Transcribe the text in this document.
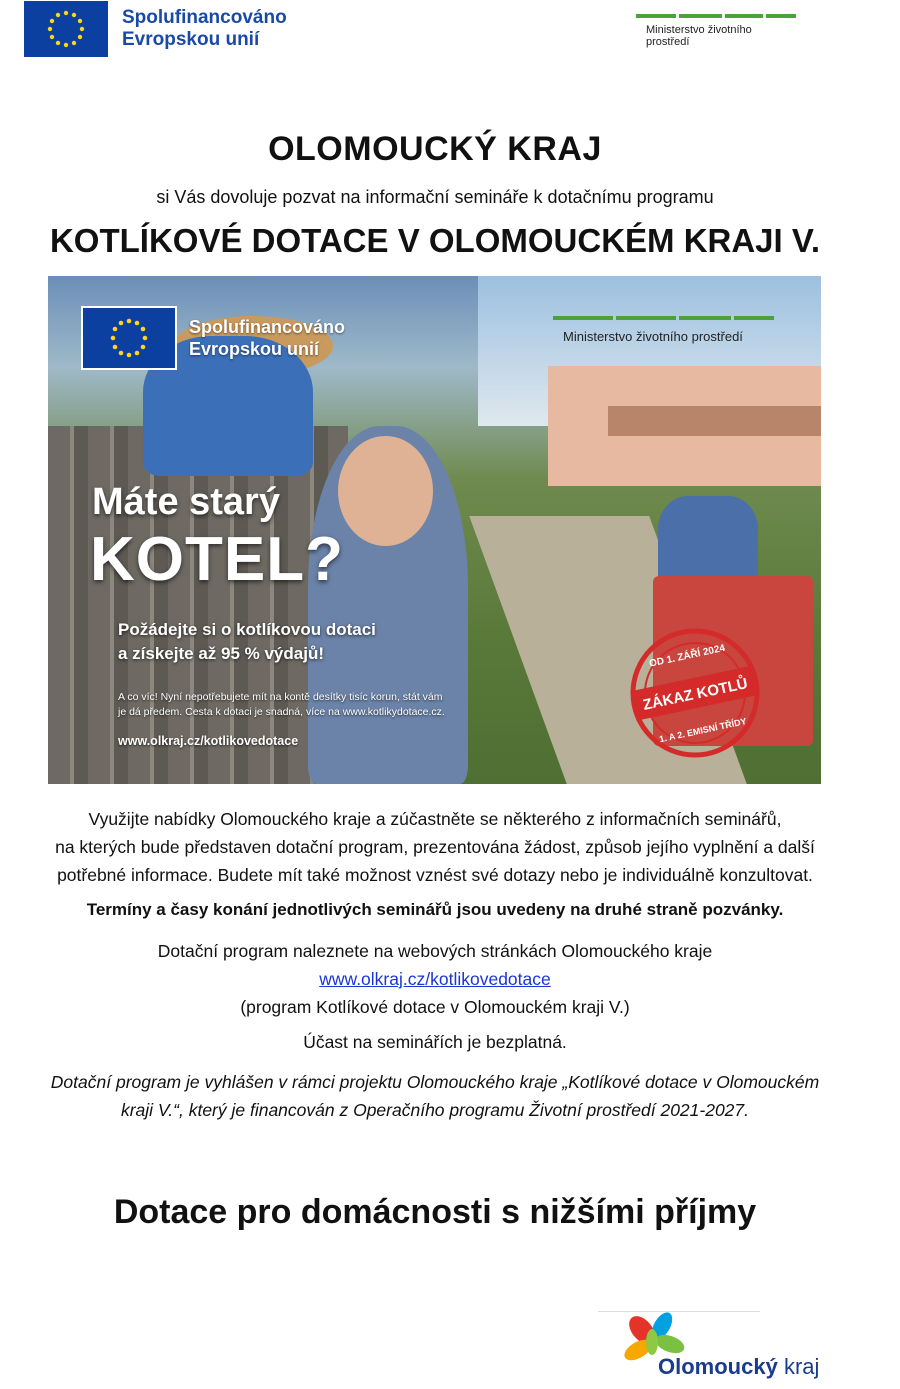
Spolufinancováno
Evropskou unií	Ministerstvo životního prostředí
OLOMOUCKÝ KRAJ
si Vás dovoluje pozvat na informační semináře k dotačnímu programu
KOTLÍKOVÉ DOTACE V OLOMOUCKÉM KRAJI V.
Spolufinancováno
Evropskou unií
Ministerstvo životního prostředí
Máte starý
KOTEL?
Požádejte si o kotlíkovou dotaci
a získejte až 95 % výdajů!
A co víc! Nyní nepotřebujete mít na kontě desítky tisíc korun, stát vám
je dá předem. Cesta k dotaci je snadná, více na www.kotlikydotace.cz.
www.olkraj.cz/kotlikovedotace
OD 1. ZÁŘÍ 2024
ZÁKAZ KOTLŮ
1. A 2. EMISNÍ TŘÍDY
Využijte nabídky Olomouckého kraje a zúčastněte se některého z informačních seminářů,
na kterých bude představen dotační program, prezentována žádost, způsob jejího vyplnění a další
potřebné informace. Budete mít také možnost vznést své dotazy nebo je individuálně konzultovat.
Termíny a časy konání jednotlivých seminářů jsou uvedeny na druhé straně pozvánky.
Dotační program naleznete na webových stránkách Olomouckého kraje
www.olkraj.cz/kotlikovedotace
(program Kotlíkové dotace v Olomouckém kraji V.)
Účast na seminářích je bezplatná.
Dotační program je vyhlášen v rámci projektu Olomouckého kraje „Kotlíkové dotace v Olomouckém
kraji V.“, který je financován z Operačního programu Životní prostředí 2021-2027.
Dotace pro domácnosti s nižšími příjmy
Olomoucký kraj
